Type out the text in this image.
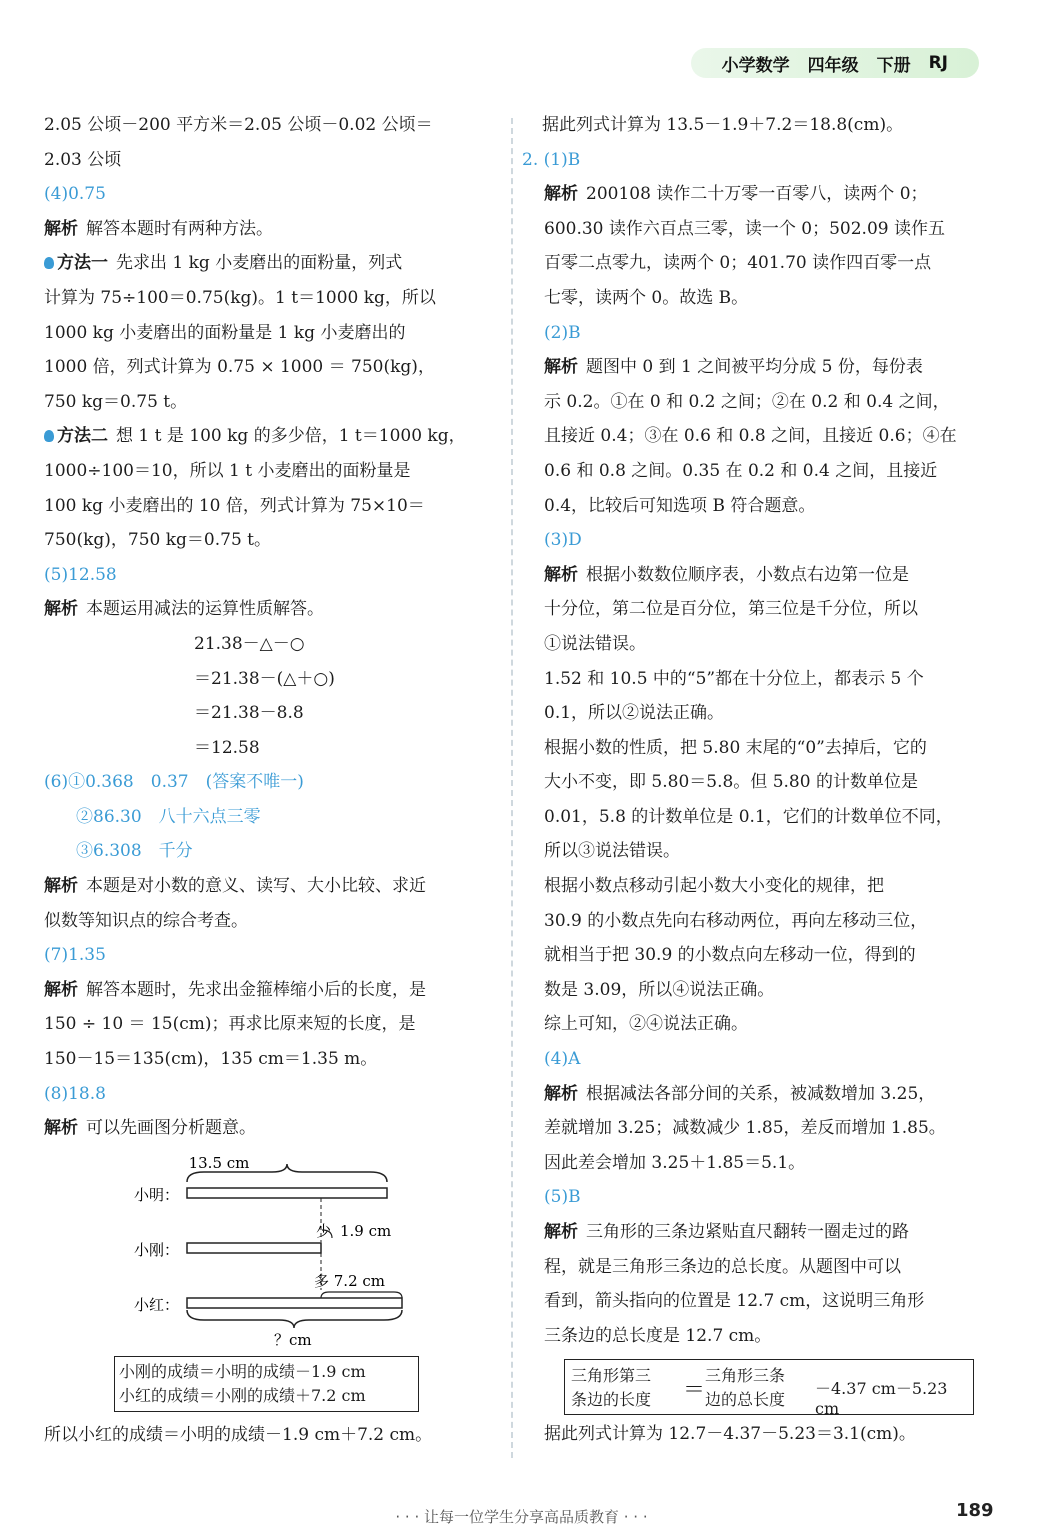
小学数学 四年级 下册 RJ
2.05 公顷－200 平方米＝2.05 公顷－0.02 公顷＝
2.03 公顷
(4)0.75
解析 解答本题时有两种方法。
方法一 先求出 1 kg 小麦磨出的面粉量，列式
计算为 75÷100＝0.75(kg)。1 t＝1000 kg，所以
1000 kg 小麦磨出的面粉量是 1 kg 小麦磨出的
1000 倍，列式计算为 0.75 × 1000 ＝ 750(kg)，
750 kg＝0.75 t。
方法二 想 1 t 是 100 kg 的多少倍，1 t＝1000 kg，
1000÷100＝10，所以 1 t 小麦磨出的面粉量是
100 kg 小麦磨出的 10 倍，列式计算为 75×10＝
750(kg)，750 kg＝0.75 t。
(5)12.58
解析 本题运用减法的运算性质解答。
21.38－△－○
＝21.38－(△＋○)
＝21.38－8.8
＝12.58
(6)①0.368　0.37　(答案不唯一)
②86.30　八十六点三零
③6.308　千分
解析 本题是对小数的意义、读写、大小比较、求近
似数等知识点的综合考查。
(7)1.35
解析 解答本题时，先求出金箍棒缩小后的长度，是
150 ÷ 10 ＝ 15(cm)；再求比原来短的长度，是
150－15＝135(cm)，135 cm＝1.35 m。
(8)18.8
解析 可以先画图分析题意。
13.5 cm
小明：
少 1.9 cm
小刚：
多 7.2 cm
小红：
？cm
小刚的成绩＝小明的成绩－1.9 cm
小红的成绩＝小刚的成绩＋7.2 cm
所以小红的成绩＝小明的成绩－1.9 cm＋7.2 cm。
据此列式计算为 13.5－1.9＋7.2＝18.8(cm)。
2. (1)B
解析 200108 读作二十万零一百零八，读两个 0；
600.30 读作六百点三零，读一个 0；502.09 读作五
百零二点零九，读两个 0；401.70 读作四百零一点
七零，读两个 0。故选 B。
(2)B
解析 题图中 0 到 1 之间被平均分成 5 份，每份表
示 0.2。①在 0 和 0.2 之间；②在 0.2 和 0.4 之间，
且接近 0.4；③在 0.6 和 0.8 之间，且接近 0.6；④在
0.6 和 0.8 之间。0.35 在 0.2 和 0.4 之间，且接近
0.4，比较后可知选项 B 符合题意。
(3)D
解析 根据小数数位顺序表，小数点右边第一位是
十分位，第二位是百分位，第三位是千分位，所以
①说法错误。
1.52 和 10.5 中的“5”都在十分位上，都表示 5 个
0.1，所以②说法正确。
根据小数的性质，把 5.80 末尾的“0”去掉后，它的
大小不变，即 5.80＝5.8。但 5.80 的计数单位是
0.01，5.8 的计数单位是 0.1，它们的计数单位不同，
所以③说法错误。
根据小数点移动引起小数大小变化的规律，把
30.9 的小数点先向右移动两位，再向左移动三位，
就相当于把 30.9 的小数点向左移动一位，得到的
数是 3.09，所以④说法正确。
综上可知，②④说法正确。
(4)A
解析 根据减法各部分间的关系，被减数增加 3.25，
差就增加 3.25；减数减少 1.85，差反而增加 1.85。
因此差会增加 3.25＋1.85＝5.1。
(5)B
解析 三角形的三条边紧贴直尺翻转一圈走过的路
程，就是三角形三条边的总长度。从题图中可以
看到，箭头指向的位置是 12.7 cm，这说明三角形
三条边的总长度是 12.7 cm。
三角形第三
条边的长度 ＝
三角形三条
边的总长度
－4.37 cm－5.23 cm
据此列式计算为 12.7－4.37－5.23＝3.1(cm)。
· · · 让每一位学生分享高品质教育 · · ·	189
